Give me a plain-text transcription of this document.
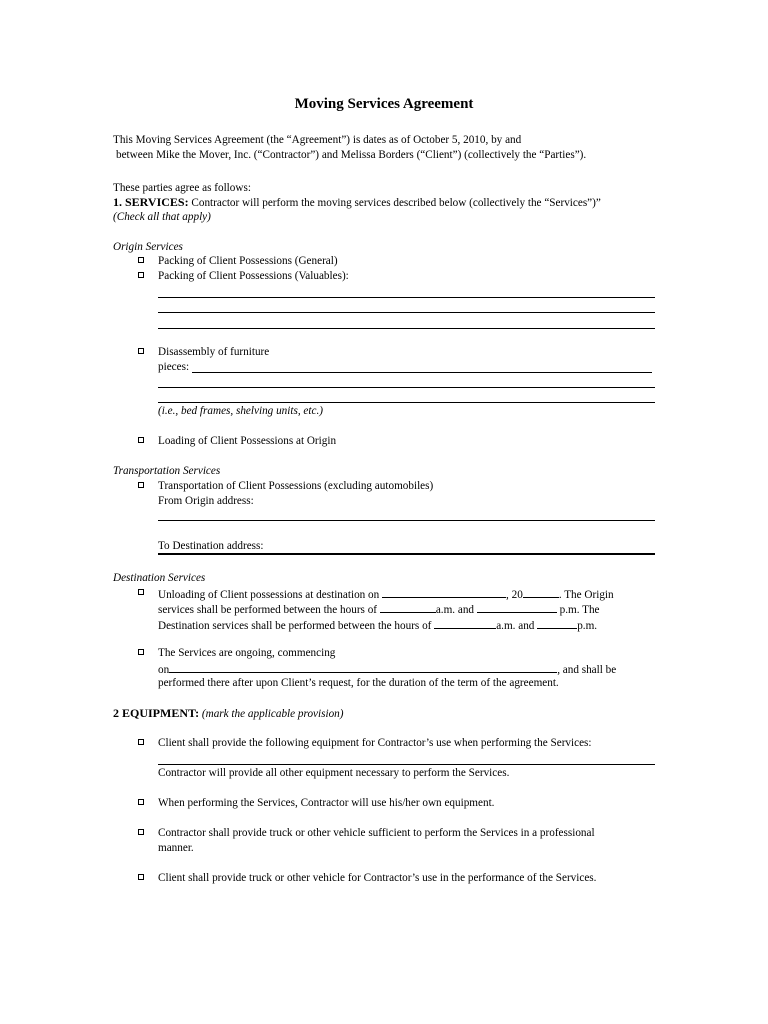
Moving Services Agreement
This Moving Services Agreement (the “Agreement”) is dates as of October 5, 2010, by and
between Mike the Mover, Inc. (“Contractor”) and Melissa Borders (“Client”) (collectively the “Parties”).
These parties agree as follows:
1. SERVICES: Contractor will perform the moving services described below (collectively the “Services”)”
(Check all that apply)
Origin Services
Packing of Client Possessions (General)
Packing of Client Possessions (Valuables):
Disassembly of furniture
pieces:
(i.e., bed frames, shelving units, etc.)
Loading of Client Possessions at Origin
Transportation Services
Transportation of Client Possessions (excluding automobiles)
From Origin address:
To Destination address:
Destination Services
Unloading of Client possessions at destination on	, 20	. The Origin
services shall be performed between the hours of	a.m. and	p.m. The
Destination services shall be performed between the hours of	a.m. and	p.m.
The Services are ongoing, commencing
on	, and shall be
performed there after upon Client’s request, for the duration of the term of the agreement.
2 EQUIPMENT: (mark the applicable provision)
Client shall provide the following equipment for Contractor’s use when performing the Services:
Contractor will provide all other equipment necessary to perform the Services.
When performing the Services, Contractor will use his/her own equipment.
Contractor shall provide truck or other vehicle sufficient to perform the Services in a professional
manner.
Client shall provide truck or other vehicle for Contractor’s use in the performance of the Services.
